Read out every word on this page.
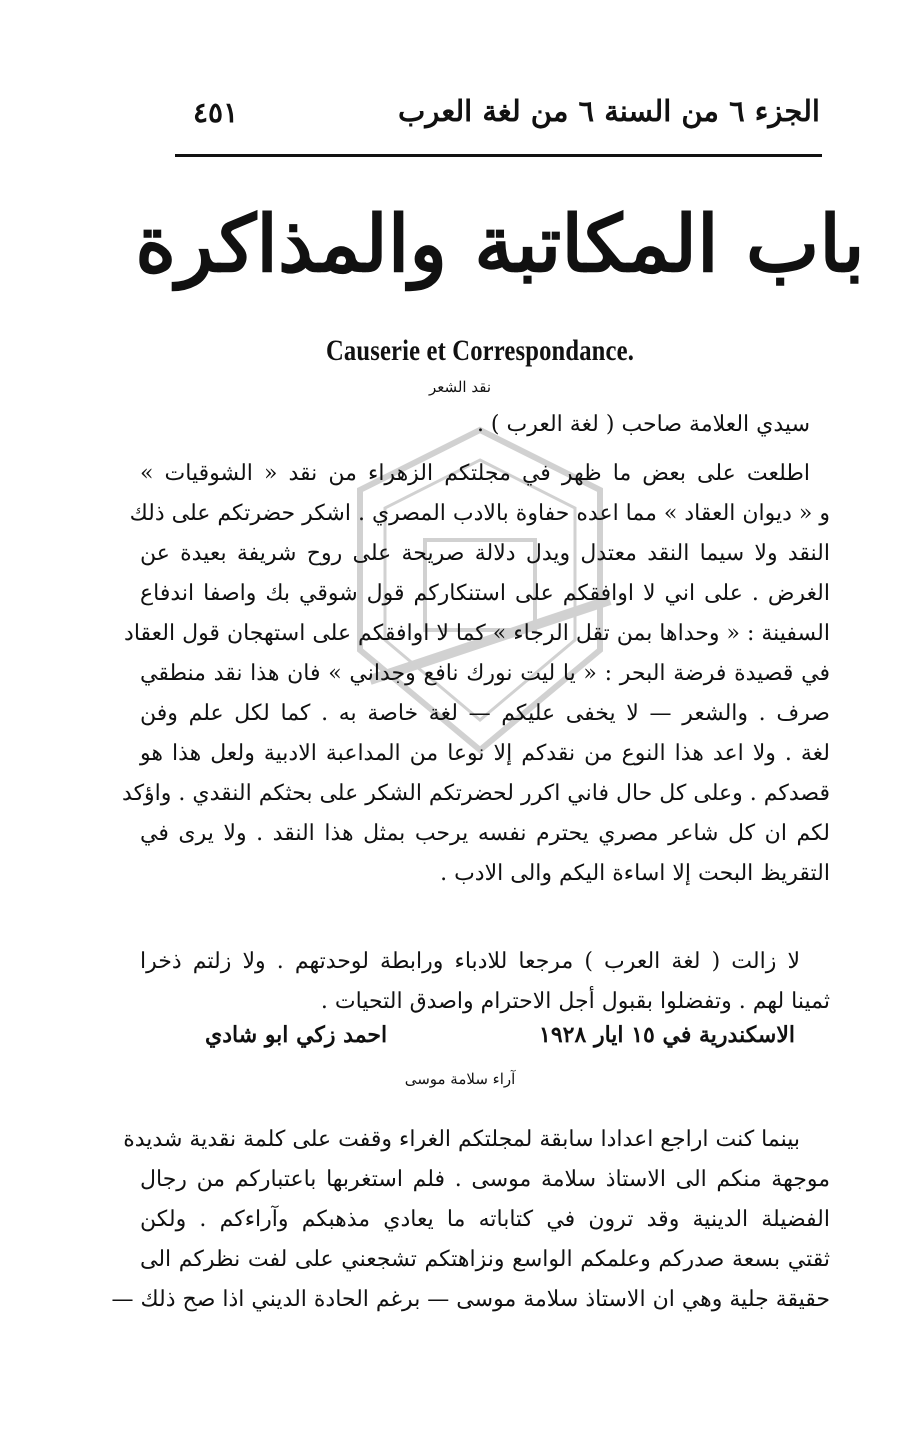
الجزء ٦ من السنة ٦ من لغة العرب
٤٥١
باب المكاتبة والمذاكرة
Causerie et Correspondance.
نقد الشعر
سيدي العلامة صاحب ( لغة العرب ) .
اطلعت على بعض ما ظهر في مجلتكم الزهراء من نقد « الشوقيات »
و « ديوان العقاد » مما اعده حفاوة بالادب المصري . اشكر حضرتكم على ذلك
النقد ولا سيما النقد معتدل ويدل دلالة صريحة على روح شريفة بعيدة عن
الغرض . على اني لا اوافقكم على استنكاركم قول شوقي بك واصفا اندفاع
السفينة : « وحداها بمن تقل الرجاء » كما لا اوافقكم على استهجان قول العقاد
في قصيدة فرضة البحر : « يا ليت نورك نافع وجداني » فان هذا نقد منطقي
صرف . والشعر — لا يخفى عليكم — لغة خاصة به . كما لكل علم وفن
لغة . ولا اعد هذا النوع من نقدكم إلا نوعا من المداعبة الادبية ولعل هذا هو
قصدكم . وعلى كل حال فاني اكرر لحضرتكم الشكر على بحثكم النقدي . واؤكد
لكم ان كل شاعر مصري يحترم نفسه يرحب بمثل هذا النقد . ولا يرى في
التقريظ البحت إلا اساءة اليكم والى الادب .
لا زالت ( لغة العرب ) مرجعا للادباء ورابطة لوحدتهم . ولا زلتم ذخرا
ثمينا لهم . وتفضلوا بقبول أجل الاحترام واصدق التحيات .
الاسكندرية في ١٥ ايار ١٩٢٨
احمد زكي ابو شادي
آراء سلامة موسى
بينما كنت اراجع اعدادا سابقة لمجلتكم الغراء وقفت على كلمة نقدية شديدة
موجهة منكم الى الاستاذ سلامة موسى . فلم استغربها باعتباركم من رجال
الفضيلة الدينية وقد ترون في كتاباته ما يعادي مذهبكم وآراءكم . ولكن
ثقتي بسعة صدركم وعلمكم الواسع ونزاهتكم تشجعني على لفت نظركم الى
حقيقة جلية وهي ان الاستاذ سلامة موسى — برغم الحادة الديني اذا صح ذلك —
